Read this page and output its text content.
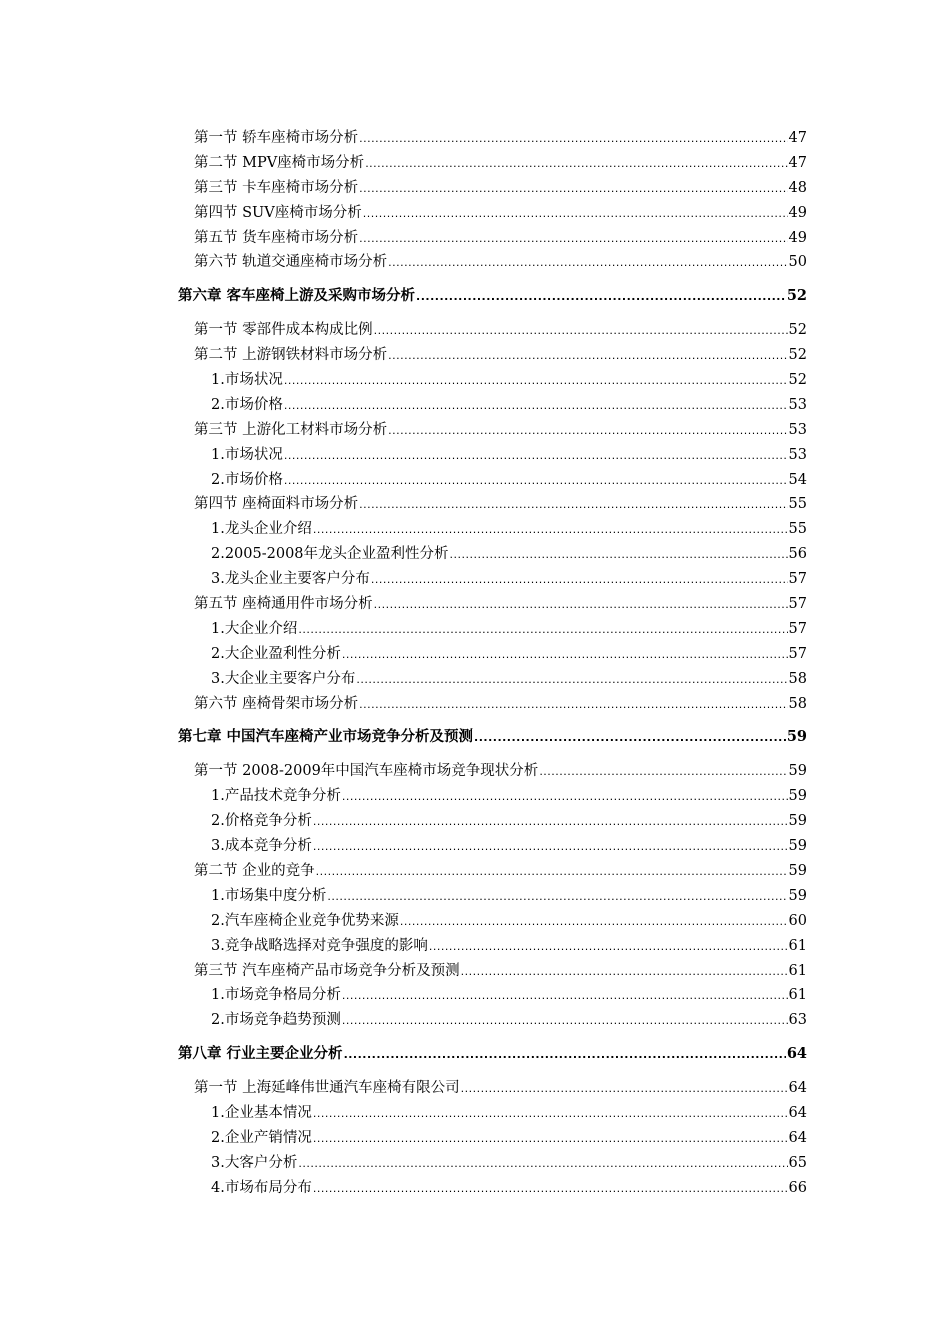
第一节 轿车座椅市场分析 .....	47
第二节 MPV座椅市场分析 .....	47
第三节 卡车座椅市场分析 .....	48
第四节 SUV座椅市场分析 .....	49
第五节 货车座椅市场分析 .....	49
第六节 轨道交通座椅市场分析 .....	50
第六章 客车座椅上游及采购市场分析 .....	52
第一节 零部件成本构成比例 .....	52
第二节 上游钢铁材料市场分析 .....	52
1.市场状况 .....	52
2.市场价格 .....	53
第三节 上游化工材料市场分析 .....	53
1.市场状况 .....	53
2.市场价格 .....	54
第四节 座椅面料市场分析 .....	55
1.龙头企业介绍 .....	55
2.2005-2008年龙头企业盈利性分析 .....	56
3.龙头企业主要客户分布 .....	57
第五节 座椅通用件市场分析 .....	57
1.大企业介绍 .....	57
2.大企业盈利性分析 .....	57
3.大企业主要客户分布 .....	58
第六节 座椅骨架市场分析 .....	58
第七章 中国汽车座椅产业市场竞争分析及预测 .....	59
第一节 2008-2009年中国汽车座椅市场竞争现状分析 .....	59
1.产品技术竞争分析 .....	59
2.价格竞争分析 .....	59
3.成本竞争分析 .....	59
第二节 企业的竞争 .....	59
1.市场集中度分析 .....	59
2.汽车座椅企业竞争优势来源 .....	60
3.竞争战略选择对竞争强度的影响 .....	61
第三节 汽车座椅产品市场竞争分析及预测 .....	61
1.市场竞争格局分析 .....	61
2.市场竞争趋势预测 .....	63
第八章 行业主要企业分析 .....	64
第一节 上海延峰伟世通汽车座椅有限公司 .....	64
1.企业基本情况 .....	64
2.企业产销情况 .....	64
3.大客户分析 .....	65
4.市场布局分布 .....	66
